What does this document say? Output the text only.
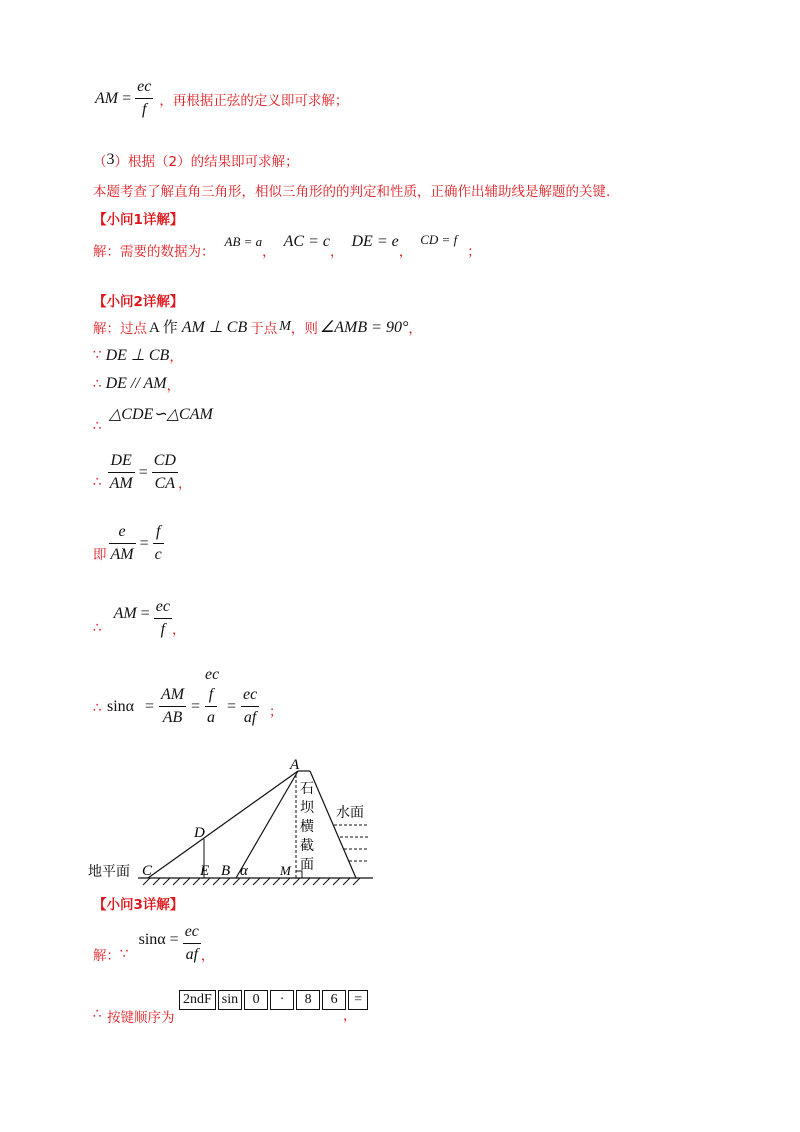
AM = $\frac{ec}{f}$ ，再根据正弦的定义即可求解；
（ 3 ）根据（2）的结果即可求解；
本题考查了解直角三角形，相似三角形的的判定和性质，正确作出辅助线是解题的关键.
【小问1详解】
解：需要的数据为：
AB = a
，
AC = c
，
DE = e
，
CD = f
；
【小问2详解】
解：过点 A 作 AM ⊥ CB 于点 M ，则 ∠AMB = 90° ，
∵ DE ⊥ CB ，
∴ DE // AM ，
△CDE∽△CAM
∴
∴ $\frac{DE}{AM} = \frac{CD}{CA}$ ，
即 $\frac{e}{AM} = \frac{f}{c}$
∴
AM = $\frac{ec}{f}$ ，
∴ $\sin\alpha = \frac{AM}{AB}$ =
ec
$\frac{f}{a} = \frac{ec}{af}$ ；
A
D
C	E B α M
地平面
石
坝
横
截
面
水面
【小问3详解】
解： ∵
$\sin\alpha = \frac{ec}{af}$ ，
∴ 按键顺序为
2ndF sin	0	·	8	6	=
，
